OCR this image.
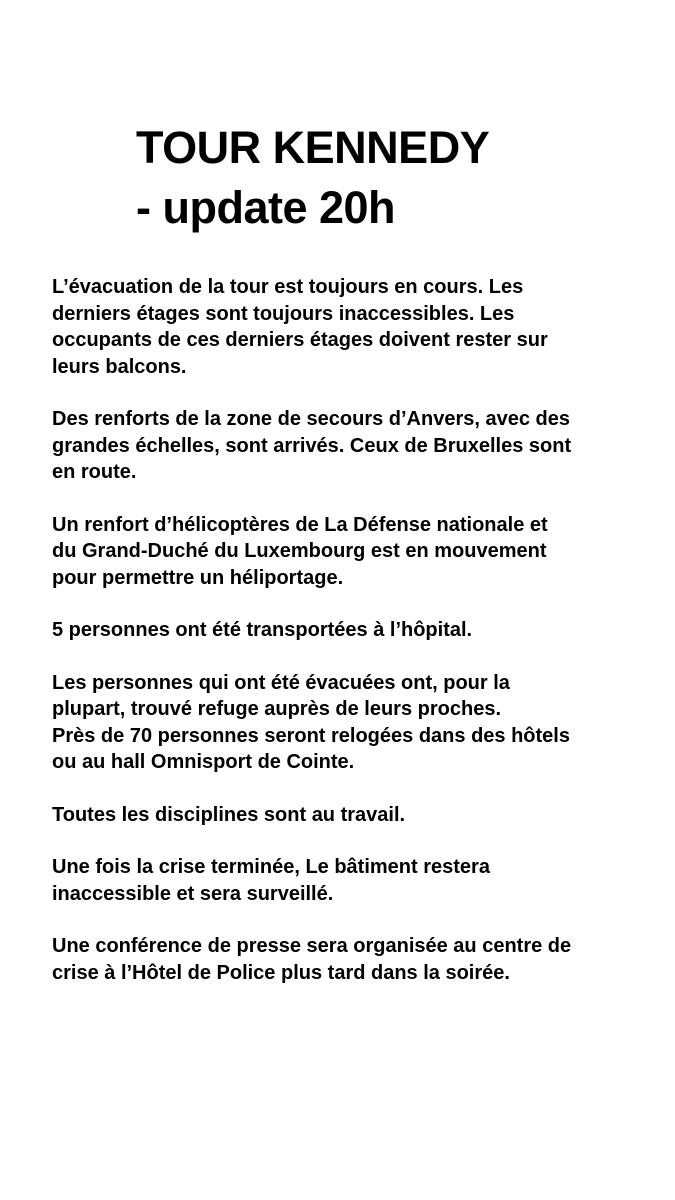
TOUR KENNEDY
- update 20h

L’évacuation de la tour est toujours en cours. Les
derniers étages sont toujours inaccessibles. Les
occupants de ces derniers étages doivent rester sur
leurs balcons.

Des renforts de la zone de secours d’Anvers, avec des
grandes échelles, sont arrivés. Ceux de Bruxelles sont
en route.

Un renfort d’hélicoptères de La Défense nationale et
du Grand-Duché du Luxembourg est en mouvement
pour permettre un héliportage.

5 personnes ont été transportées à l’hôpital.

Les personnes qui ont été évacuées ont, pour la
plupart, trouvé refuge auprès de leurs proches.
Près de 70 personnes seront relogées dans des hôtels
ou au hall Omnisport de Cointe.

Toutes les disciplines sont au travail.

Une fois la crise terminée, Le bâtiment restera
inaccessible et sera surveillé.

Une conférence de presse sera organisée au centre de
crise à l’Hôtel de Police plus tard dans la soirée.
